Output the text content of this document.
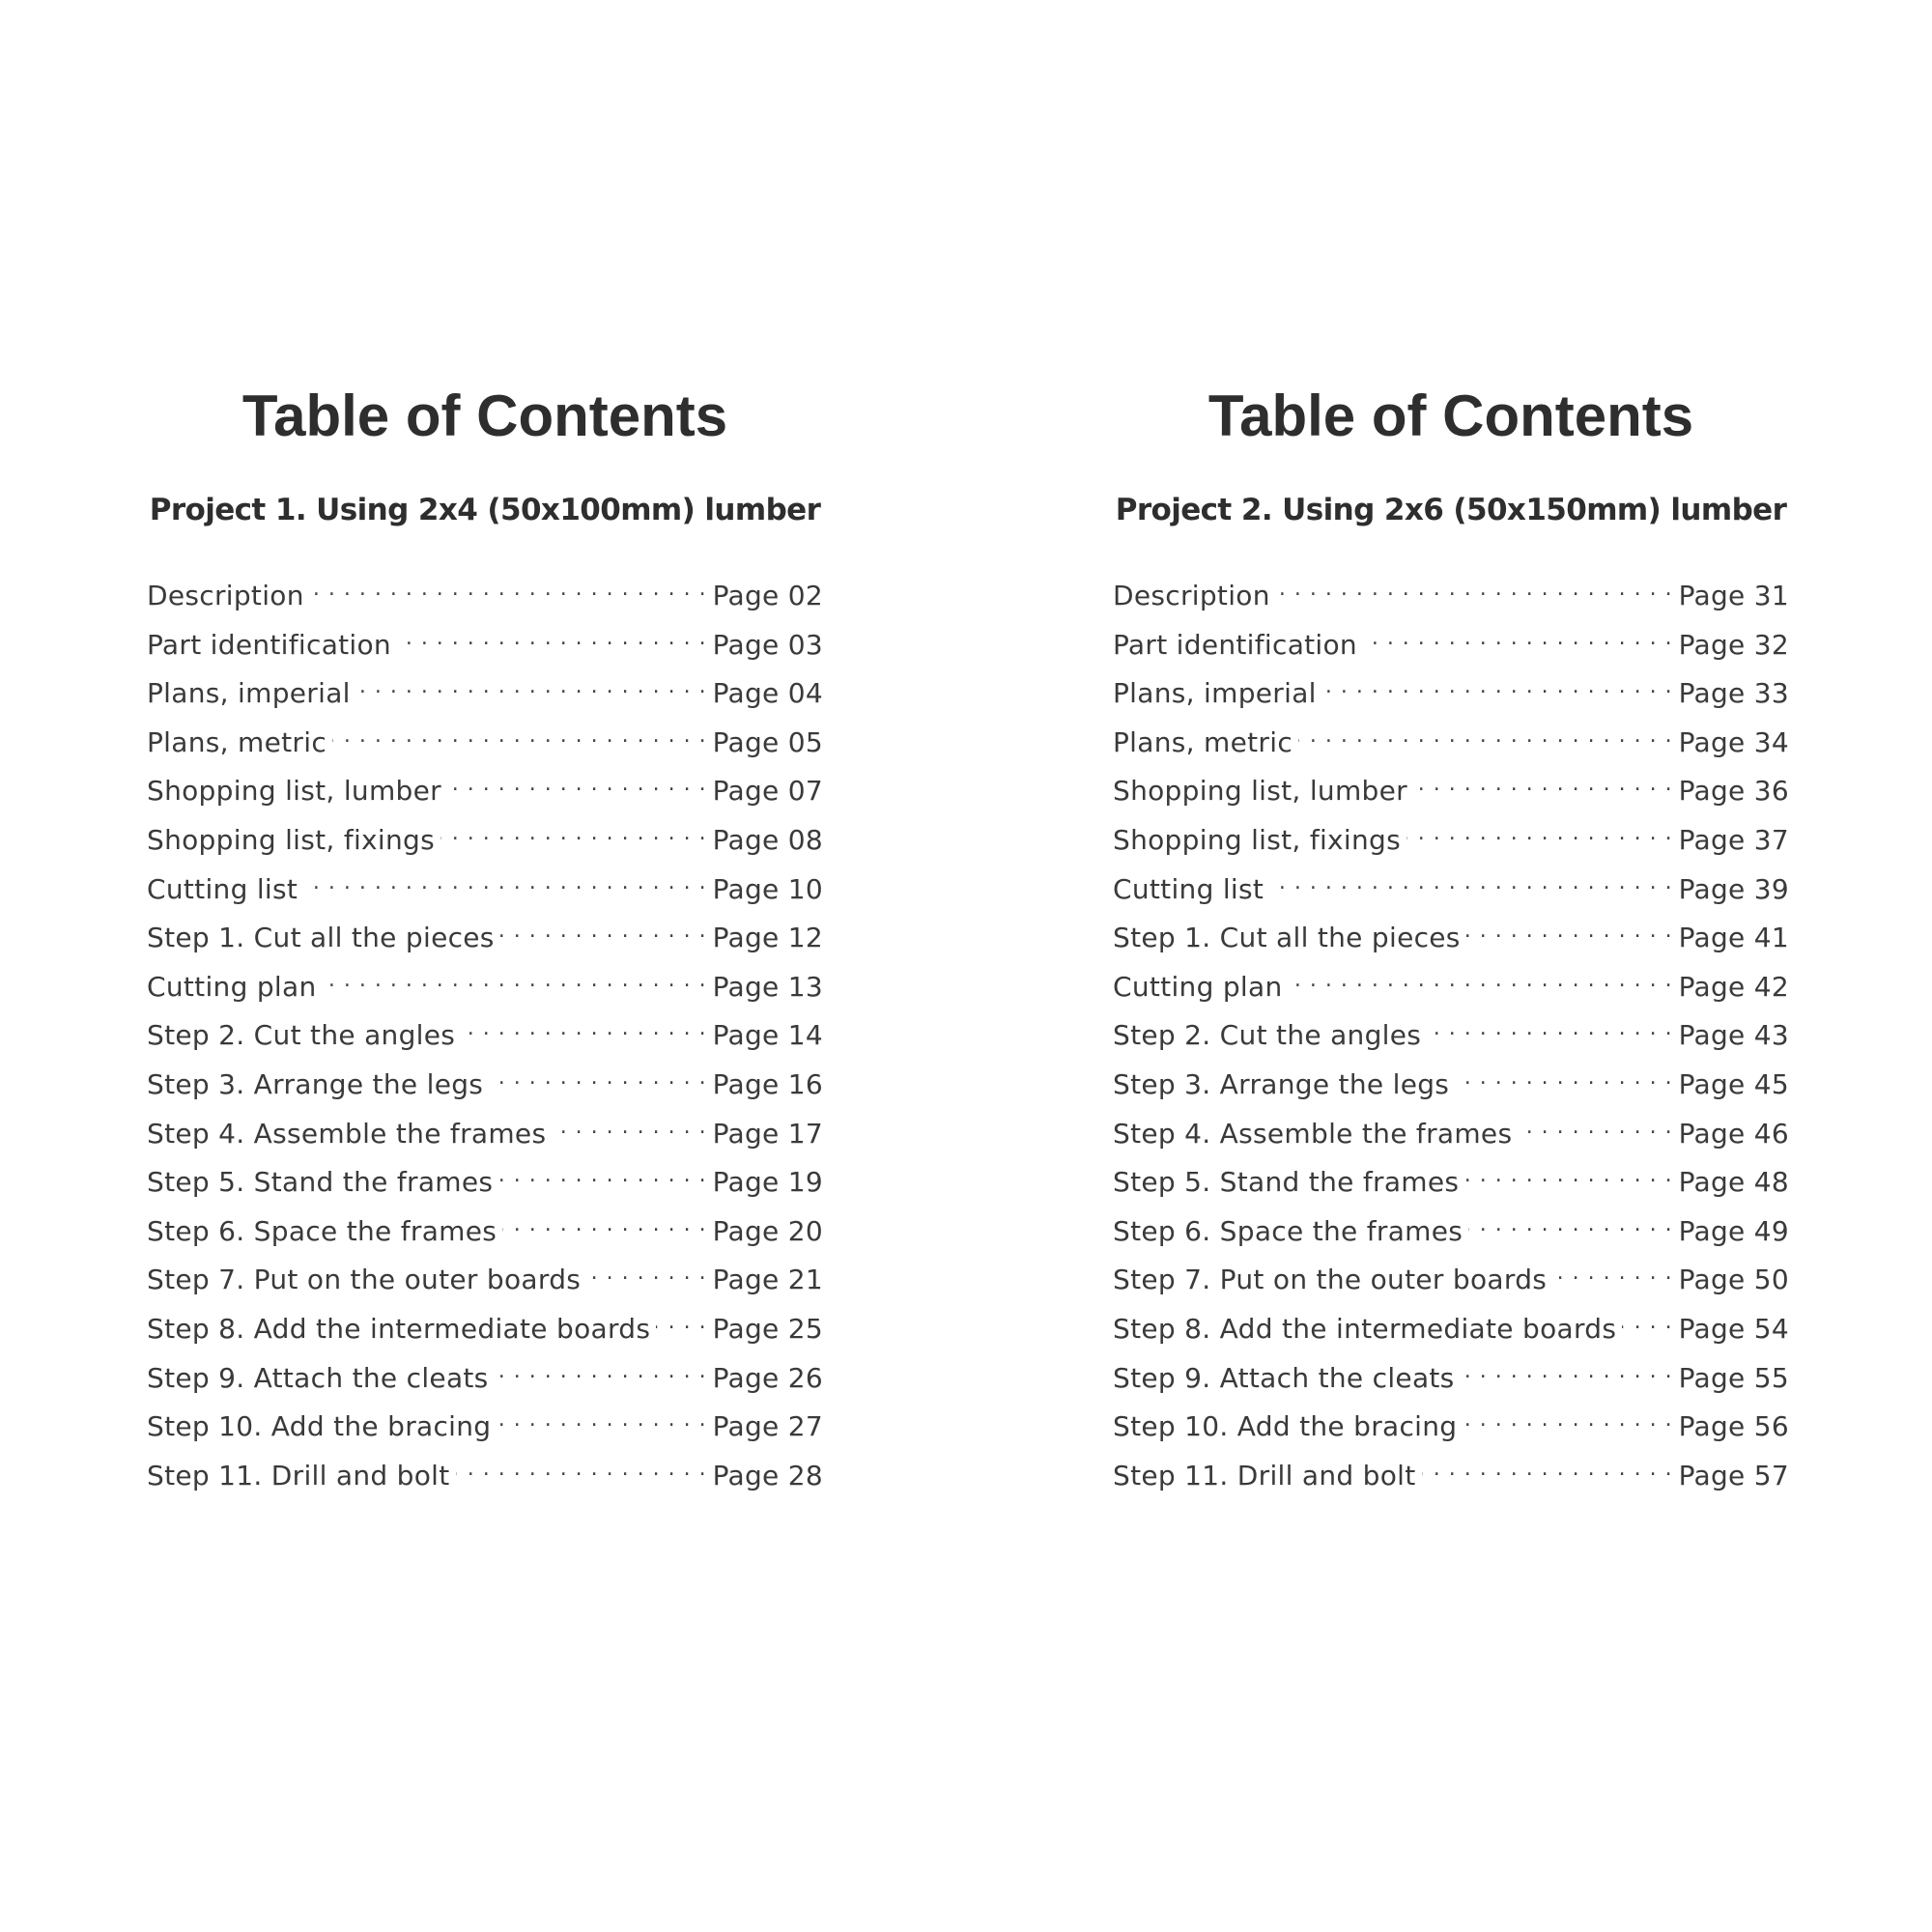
Table of Contents
Project 1. Using 2x4 (50x100mm) lumber
Description . . .	Page 02
Part identification . . .	Page 03
Plans, imperial . . .	Page 04
Plans, metric . . .	Page 05
Shopping list, lumber . . .	Page 07
Shopping list, fixings . . .	Page 08
Cutting list . . .	Page 10
Step 1. Cut all the pieces . . .	Page 12
Cutting plan . . .	Page 13
Step 2. Cut the angles . . .	Page 14
Step 3. Arrange the legs . . .	Page 16
Step 4. Assemble the frames . . .	Page 17
Step 5. Stand the frames . . .	Page 19
Step 6. Space the frames . . .	Page 20
Step 7. Put on the outer boards . . .	Page 21
Step 8. Add the intermediate boards . . . Page 25
Step 9. Attach the cleats . . .	Page 26
Step 10. Add the bracing . . .	Page 27
Step 11. Drill and bolt . . .	Page 28
Table of Contents
Project 2. Using 2x6 (50x150mm) lumber
Description . . .	Page 31
Part identification . . .	Page 32
Plans, imperial . . .	Page 33
Plans, metric . . .	Page 34
Shopping list, lumber . . .	Page 36
Shopping list, fixings . . .	Page 37
Cutting list . . .	Page 39
Step 1. Cut all the pieces . . .	Page 41
Cutting plan . . .	Page 42
Step 2. Cut the angles . . .	Page 43
Step 3. Arrange the legs . . .	Page 45
Step 4. Assemble the frames . . .	Page 46
Step 5. Stand the frames . . .	Page 48
Step 6. Space the frames . . .	Page 49
Step 7. Put on the outer boards . . .	Page 50
Step 8. Add the intermediate boards . . . Page 54
Step 9. Attach the cleats . . .	Page 55
Step 10. Add the bracing . . .	Page 56
Step 11. Drill and bolt . . .	Page 57
